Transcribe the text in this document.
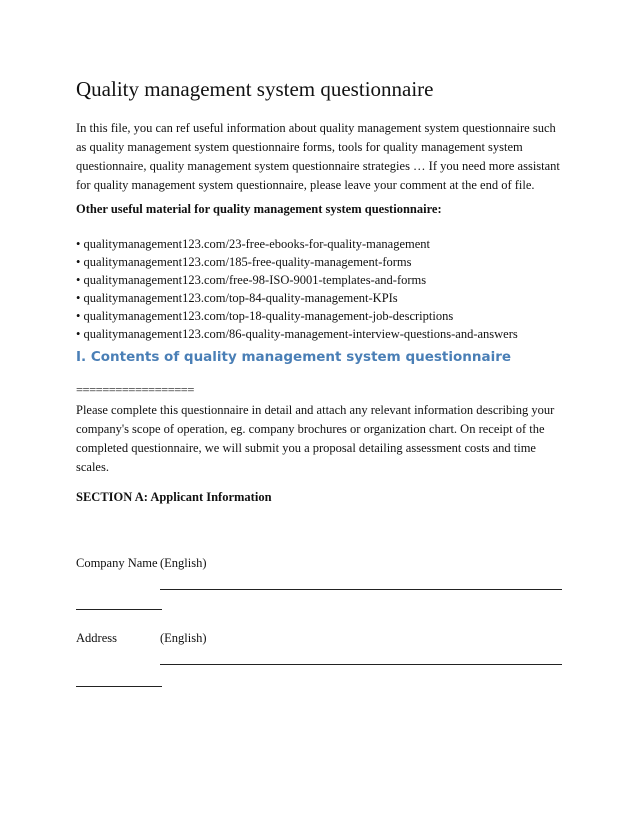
Quality management system questionnaire

In this file, you can ref useful information about quality management system questionnaire such as quality management system questionnaire forms, tools for quality management system questionnaire, quality management system questionnaire strategies … If you need more assistant for quality management system questionnaire, please leave your comment at the end of file.

Other useful material for quality management system questionnaire:
• qualitymanagement123.com/23-free-ebooks-for-quality-management
• qualitymanagement123.com/185-free-quality-management-forms
• qualitymanagement123.com/free-98-ISO-9001-templates-and-forms
• qualitymanagement123.com/top-84-quality-management-KPIs
• qualitymanagement123.com/top-18-quality-management-job-descriptions
• qualitymanagement123.com/86-quality-management-interview-questions-and-answers
I. Contents of quality management system questionnaire
==================

Please complete this questionnaire in detail and attach any relevant information describing your company's scope of operation, eg. company brochures or organization chart. On receipt of the completed questionnaire, we will submit you a proposal detailing assessment costs and time scales.

SECTION A: Applicant Information
Company Name (English)
Address	(English)
